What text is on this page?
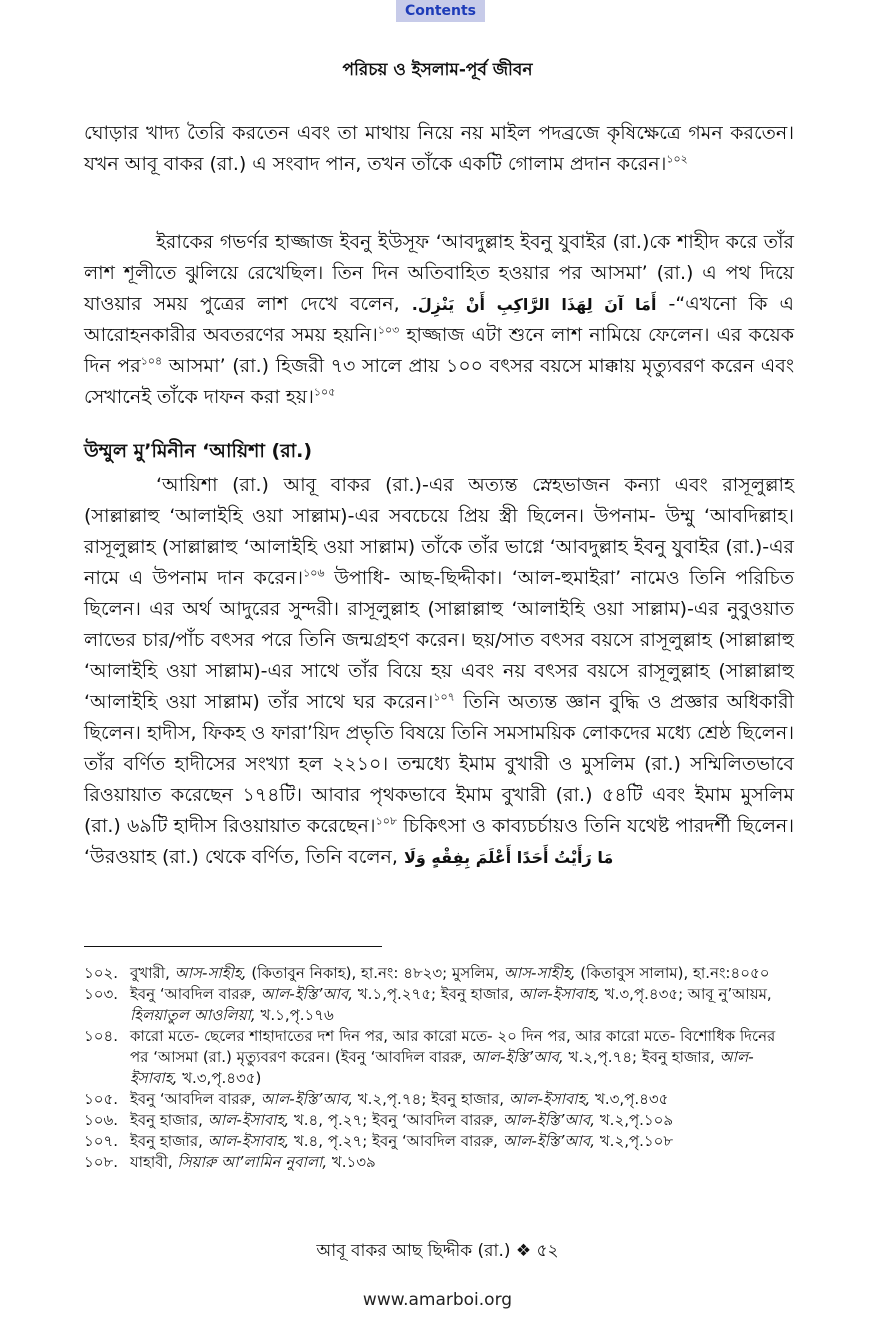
Contents
পরিচয় ও ইসলাম-পূর্ব জীবন
ঘোড়ার খাদ্য তৈরি করতেন এবং তা মাথায় নিয়ে নয় মাইল পদব্রজে কৃষিক্ষেত্রে গমন করতেন। যখন আবূ বাকর (রা.) এ সংবাদ পান, তখন তাঁকে একটি গোলাম প্রদান করেন।$^{১০২}$
ইরাকের গভর্ণর হাজ্জাজ ইবনু ইউসূফ ‘আবদুল্লাহ ইবনু যুবাইর (রা.)কে শাহীদ করে তাঁর লাশ শূলীতে ঝুলিয়ে রেখেছিল। তিন দিন অতিবাহিত হওয়ার পর আসমা’ (রা.) এ পথ দিয়ে যাওয়ার সময় পুত্রের লাশ দেখে বলেন, أَمَا آنَ لِهَذَا الرَّاكِبِ أَنْ يَنْزِلَ. -“এখনো কি এ আরোহনকারীর অবতরণের সময় হয়নি।$^{১০৩}$ হাজ্জাজ এটা শুনে লাশ নামিয়ে ফেলেন। এর কয়েক দিন পর$^{১০৪}$ আসমা’ (রা.) হিজরী ৭৩ সালে প্রায় ১০০ বৎসর বয়সে মাক্কায় মৃত্যুবরণ করেন এবং সেখানেই তাঁকে দাফন করা হয়।$^{১০৫}$
উম্মুল মু’মিনীন ‘আয়িশা (রা.)
‘আয়িশা (রা.) আবূ বাকর (রা.)-এর অত্যন্ত স্নেহভাজন কন্যা এবং রাসূলুল্লাহ (সাল্লাল্লাহু ‘আলাইহি ওয়া সাল্লাম)-এর সবচেয়ে প্রিয় স্ত্রী ছিলেন। উপনাম- উম্মু ‘আবদিল্লাহ। রাসূলুল্লাহ (সাল্লাল্লাহু ‘আলাইহি ওয়া সাল্লাম) তাঁকে তাঁর ভাগ্নে ‘আবদুল্লাহ ইবনু যুবাইর (রা.)-এর নামে এ উপনাম দান করেন।$^{১০৬}$ উপাধি- আছ-ছিদ্দীকা। ‘আল-হুমাইরা’ নামেও তিনি পরিচিত ছিলেন। এর অর্থ আদুরের সুন্দরী। রাসূলুল্লাহ (সাল্লাল্লাহু ‘আলাইহি ওয়া সাল্লাম)-এর নুবুওয়াত লাভের চার/পাঁচ বৎসর পরে তিনি জন্মগ্রহণ করেন। ছয়/সাত বৎসর বয়সে রাসূলুল্লাহ (সাল্লাল্লাহু ‘আলাইহি ওয়া সাল্লাম)-এর সাথে তাঁর বিয়ে হয় এবং নয় বৎসর বয়সে রাসূলুল্লাহ (সাল্লাল্লাহু ‘আলাইহি ওয়া সাল্লাম) তাঁর সাথে ঘর করেন।$^{১০৭}$ তিনি অত্যন্ত জ্ঞান বুদ্ধি ও প্রজ্ঞার অধিকারী ছিলেন। হাদীস, ফিকহ ও ফারা’য়িদ প্রভৃতি বিষয়ে তিনি সমসাময়িক লোকদের মধ্যে শ্রেষ্ঠ ছিলেন। তাঁর বর্ণিত হাদীসের সংখ্যা হল ২২১০। তন্মধ্যে ইমাম বুখারী ও মুসলিম (রা.) সম্মিলিতভাবে রিওয়ায়াত করেছেন ১৭৪টি। আবার পৃথকভাবে ইমাম বুখারী (রা.) ৫৪টি এবং ইমাম মুসলিম (রা.) ৬৯টি হাদীস রিওয়ায়াত করেছেন।$^{১০৮}$ চিকিৎসা ও কাব্যচর্চায়ও তিনি যথেষ্ট পারদর্শী ছিলেন। ‘উরওয়াহ (রা.) থেকে বর্ণিত, তিনি বলেন, مَا رَأَيْتُ أَحَدًا أَعْلَمَ بِفِقْهٍ وَلَا
১০২. বুখারী, আস-সাহীহ, (কিতাবুন নিকাহ), হা.নং: ৪৮২৩; মুসলিম, আস-সাহীহ, (কিতাবুস সালাম), হা.নং:৪০৫০
১০৩. ইবনু ‘আবদিল বাররু, আল-ইস্তি’আব, খ.১,পৃ.২৭৫; ইবনু হাজার, আল-ইসাবাহ, খ.৩,পৃ.৪৩৫; আবূ নু’আয়ম, হিলয়াতুল আওলিয়া, খ.১,পৃ.১৭৬
১০৪. কারো মতে- ছেলের শাহাদাতের দশ দিন পর, আর কারো মতে- ২০ দিন পর, আর কারো মতে- বিশোধিক দিনের পর ‘আসমা (রা.) মৃত্যুবরণ করেন। (ইবনু ‘আবদিল বাররু, আল-ইস্তি’আব, খ.২,পৃ.৭৪; ইবনু হাজার, আল-ইসাবাহ, খ.৩,পৃ.৪৩৫)
১০৫. ইবনু ‘আবদিল বাররু, আল-ইস্তি’আব, খ.২,পৃ.৭৪; ইবনু হাজার, আল-ইসাবাহ, খ.৩,পৃ.৪৩৫
১০৬. ইবনু হাজার, আল-ইসাবাহ, খ.৪, পৃ.২৭; ইবনু ‘আবদিল বাররু, আল-ইস্তি’আব, খ.২,পৃ.১০৯
১০৭. ইবনু হাজার, আল-ইসাবাহ, খ.৪, পৃ.২৭; ইবনু ‘আবদিল বাররু, আল-ইস্তি’আব, খ.২,পৃ.১০৮
১০৮. যাহাবী, সিয়ারু আ’লামিন নুবালা, খ.১৩৯
আবূ বাকর আছ ছিদ্দীক (রা.) ❖ ৫২
www.amarboi.org
